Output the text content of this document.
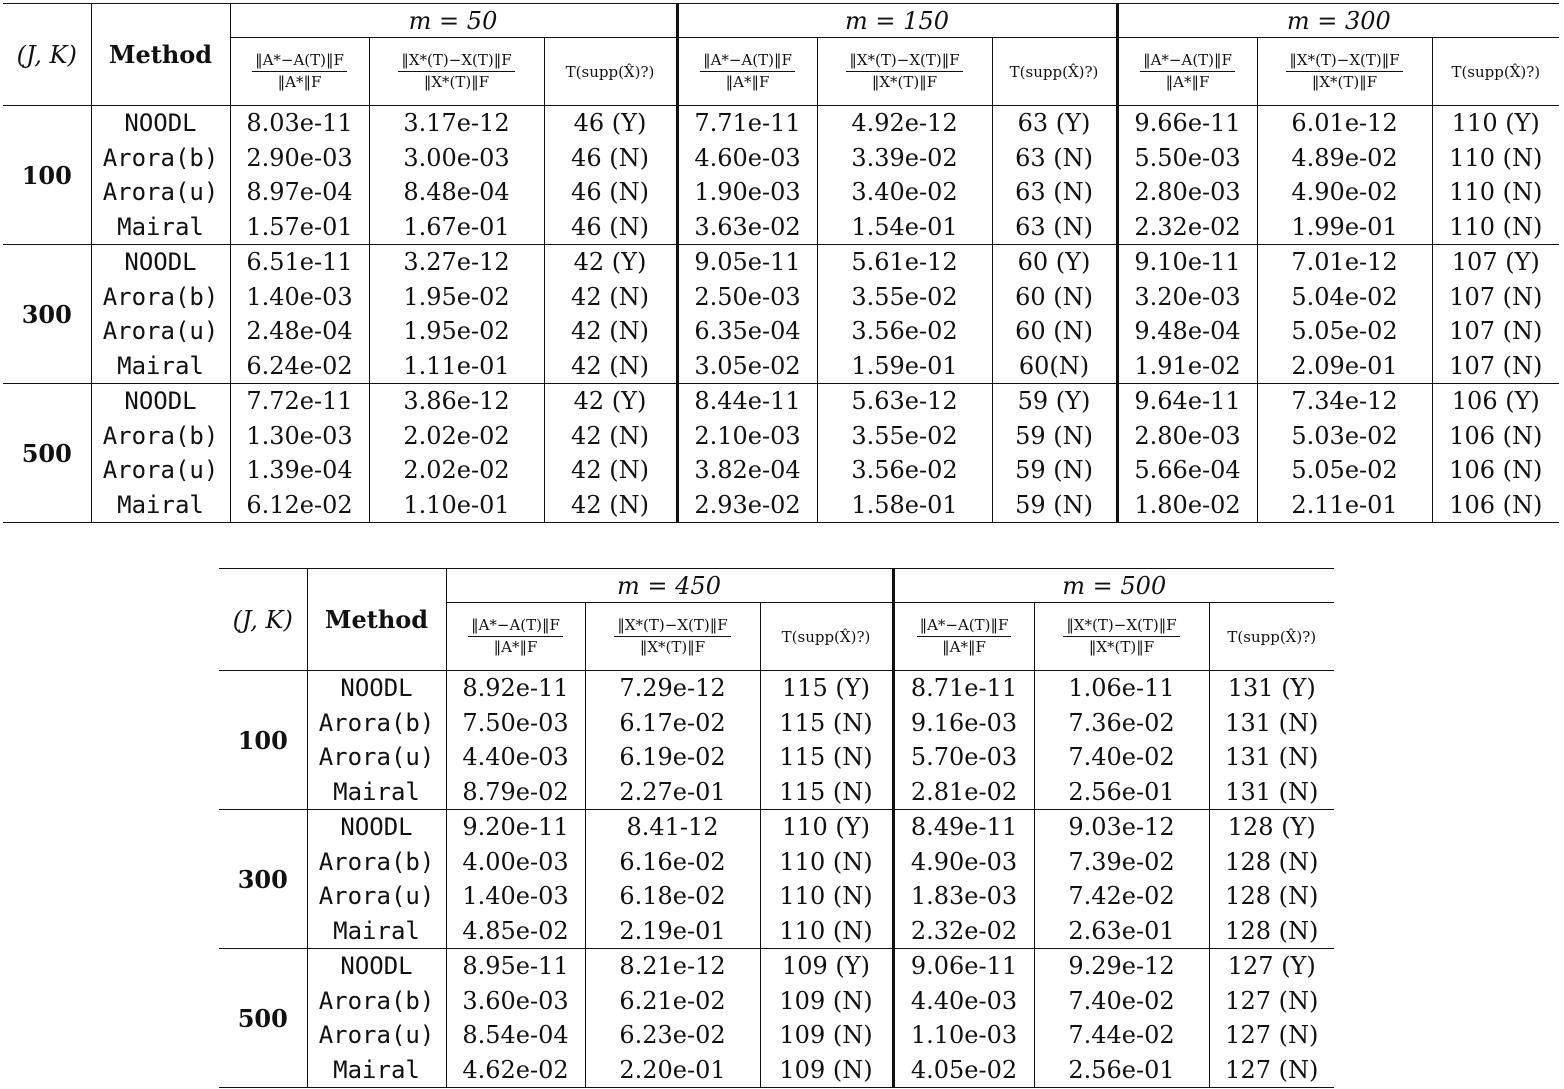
(J, K)	Method	m = 50			m = 150			m = 300		

		$\frac{‖A*-A(T)‖F}{‖A*‖F}$	$\frac{‖X*(T)-X(T)‖F}{‖X*(T)‖F}$	T(supp(X̂)?)	$\frac{‖A*-A(T)‖F}{‖A*‖F}$	$\frac{‖X*(T)-X(T)‖F}{‖X*(T)‖F}$	T(supp(X̂)?)	$\frac{‖A*-A(T)‖F}{‖A*‖F}$	$\frac{‖X*(T)-X(T)‖F}{‖X*(T)‖F}$	T(supp(X̂)?)
100	NOODL	8.03e-11	3.17e-12	46 (Y)	7.71e-11	4.92e-12	63 (Y)	9.66e-11	6.01e-12	110 (Y)
	Arora(b)	2.90e-03	3.00e-03	46 (N)	4.60e-03	3.39e-02	63 (N)	5.50e-03	4.89e-02	110 (N)
	Arora(u)	8.97e-04	8.48e-04	46 (N)	1.90e-03	3.40e-02	63 (N)	2.80e-03	4.90e-02	110 (N)
	Mairal	1.57e-01	1.67e-01	46 (N)	3.63e-02	1.54e-01	63 (N)	2.32e-02	1.99e-01	110 (N)
300	NOODL	6.51e-11	3.27e-12	42 (Y)	9.05e-11	5.61e-12	60 (Y)	9.10e-11	7.01e-12	107 (Y)
	Arora(b)	1.40e-03	1.95e-02	42 (N)	2.50e-03	3.55e-02	60 (N)	3.20e-03	5.04e-02	107 (N)
	Arora(u)	2.48e-04	1.95e-02	42 (N)	6.35e-04	3.56e-02	60 (N)	9.48e-04	5.05e-02	107 (N)
	Mairal	6.24e-02	1.11e-01	42 (N)	3.05e-02	1.59e-01	60(N)	1.91e-02	2.09e-01	107 (N)
500	NOODL	7.72e-11	3.86e-12	42 (Y)	8.44e-11	5.63e-12	59 (Y)	9.64e-11	7.34e-12	106 (Y)
	Arora(b)	1.30e-03	2.02e-02	42 (N)	2.10e-03	3.55e-02	59 (N)	2.80e-03	5.03e-02	106 (N)
	Arora(u)	1.39e-04	2.02e-02	42 (N)	3.82e-04	3.56e-02	59 (N)	5.66e-04	5.05e-02	106 (N)
	Mairal	6.12e-02	1.10e-01	42 (N)	2.93e-02	1.58e-01	59 (N)	1.80e-02	2.11e-01	106 (N)
(J, K)	Method	m = 450			m = 500		

		$\frac{‖A*-A(T)‖F}{‖A*‖F}$	$\frac{‖X*(T)-X(T)‖F}{‖X*(T)‖F}$	T(supp(X̂)?)	$\frac{‖A*-A(T)‖F}{‖A*‖F}$	$\frac{‖X*(T)-X(T)‖F}{‖X*(T)‖F}$	T(supp(X̂)?)
100	NOODL	8.92e-11	7.29e-12	115 (Y)	8.71e-11	1.06e-11	131 (Y)
	Arora(b)	7.50e-03	6.17e-02	115 (N)	9.16e-03	7.36e-02	131 (N)
	Arora(u)	4.40e-03	6.19e-02	115 (N)	5.70e-03	7.40e-02	131 (N)
	Mairal	8.79e-02	2.27e-01	115 (N)	2.81e-02	2.56e-01	131 (N)
300	NOODL	9.20e-11	8.41-12	110 (Y)	8.49e-11	9.03e-12	128 (Y)
	Arora(b)	4.00e-03	6.16e-02	110 (N)	4.90e-03	7.39e-02	128 (N)
	Arora(u)	1.40e-03	6.18e-02	110 (N)	1.83e-03	7.42e-02	128 (N)
	Mairal	4.85e-02	2.19e-01	110 (N)	2.32e-02	2.63e-01	128 (N)
500	NOODL	8.95e-11	8.21e-12	109 (Y)	9.06e-11	9.29e-12	127 (Y)
	Arora(b)	3.60e-03	6.21e-02	109 (N)	4.40e-03	7.40e-02	127 (N)
	Arora(u)	8.54e-04	6.23e-02	109 (N)	1.10e-03	7.44e-02	127 (N)
	Mairal	4.62e-02	2.20e-01	109 (N)	4.05e-02	2.56e-01	127 (N)
